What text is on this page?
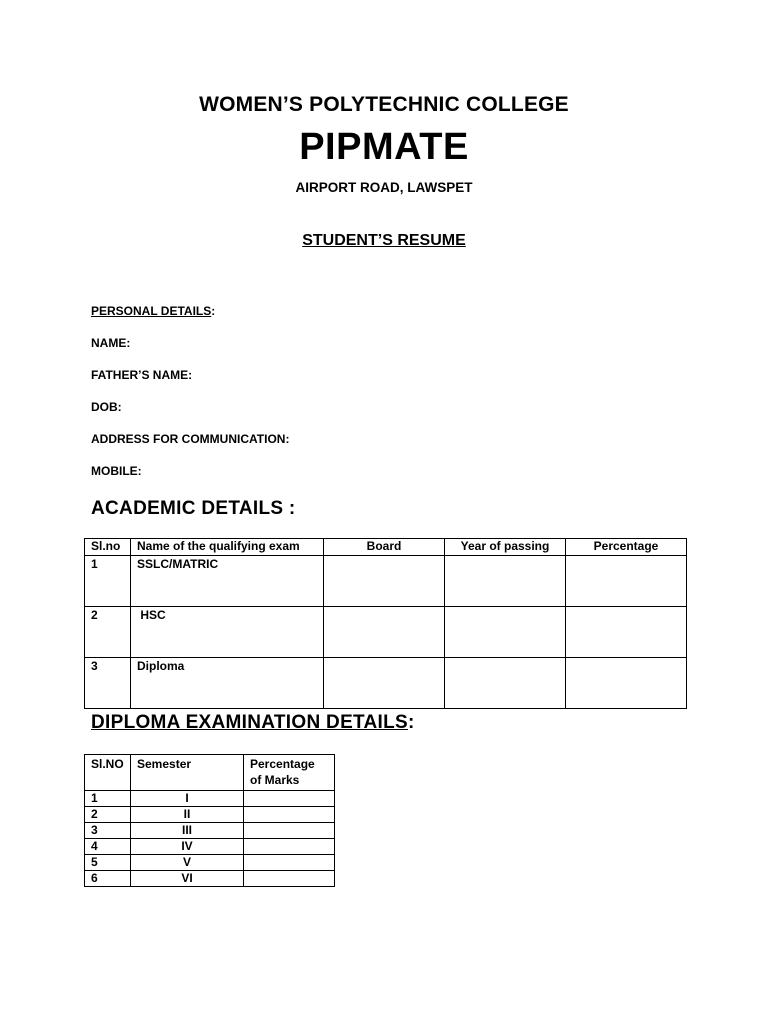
WOMEN’S POLYTECHNIC COLLEGE
PIPMATE
AIRPORT ROAD, LAWSPET
STUDENT’S RESUME
PERSONAL DETAILS:
NAME:
FATHER’S NAME:
DOB:
ADDRESS FOR COMMUNICATION:
MOBILE:
ACADEMIC DETAILS :
Sl.no	Name of the qualifying exam	Board	Year of passing	Percentage
1	SSLC/MATRIC			
2	HSC			
3	Diploma			
DIPLOMA EXAMINATION DETAILS:
Sl.NO	Semester	Percentage of Marks
1	I	
2	II	
3	III	
4	IV	
5	V	
6	VI	
